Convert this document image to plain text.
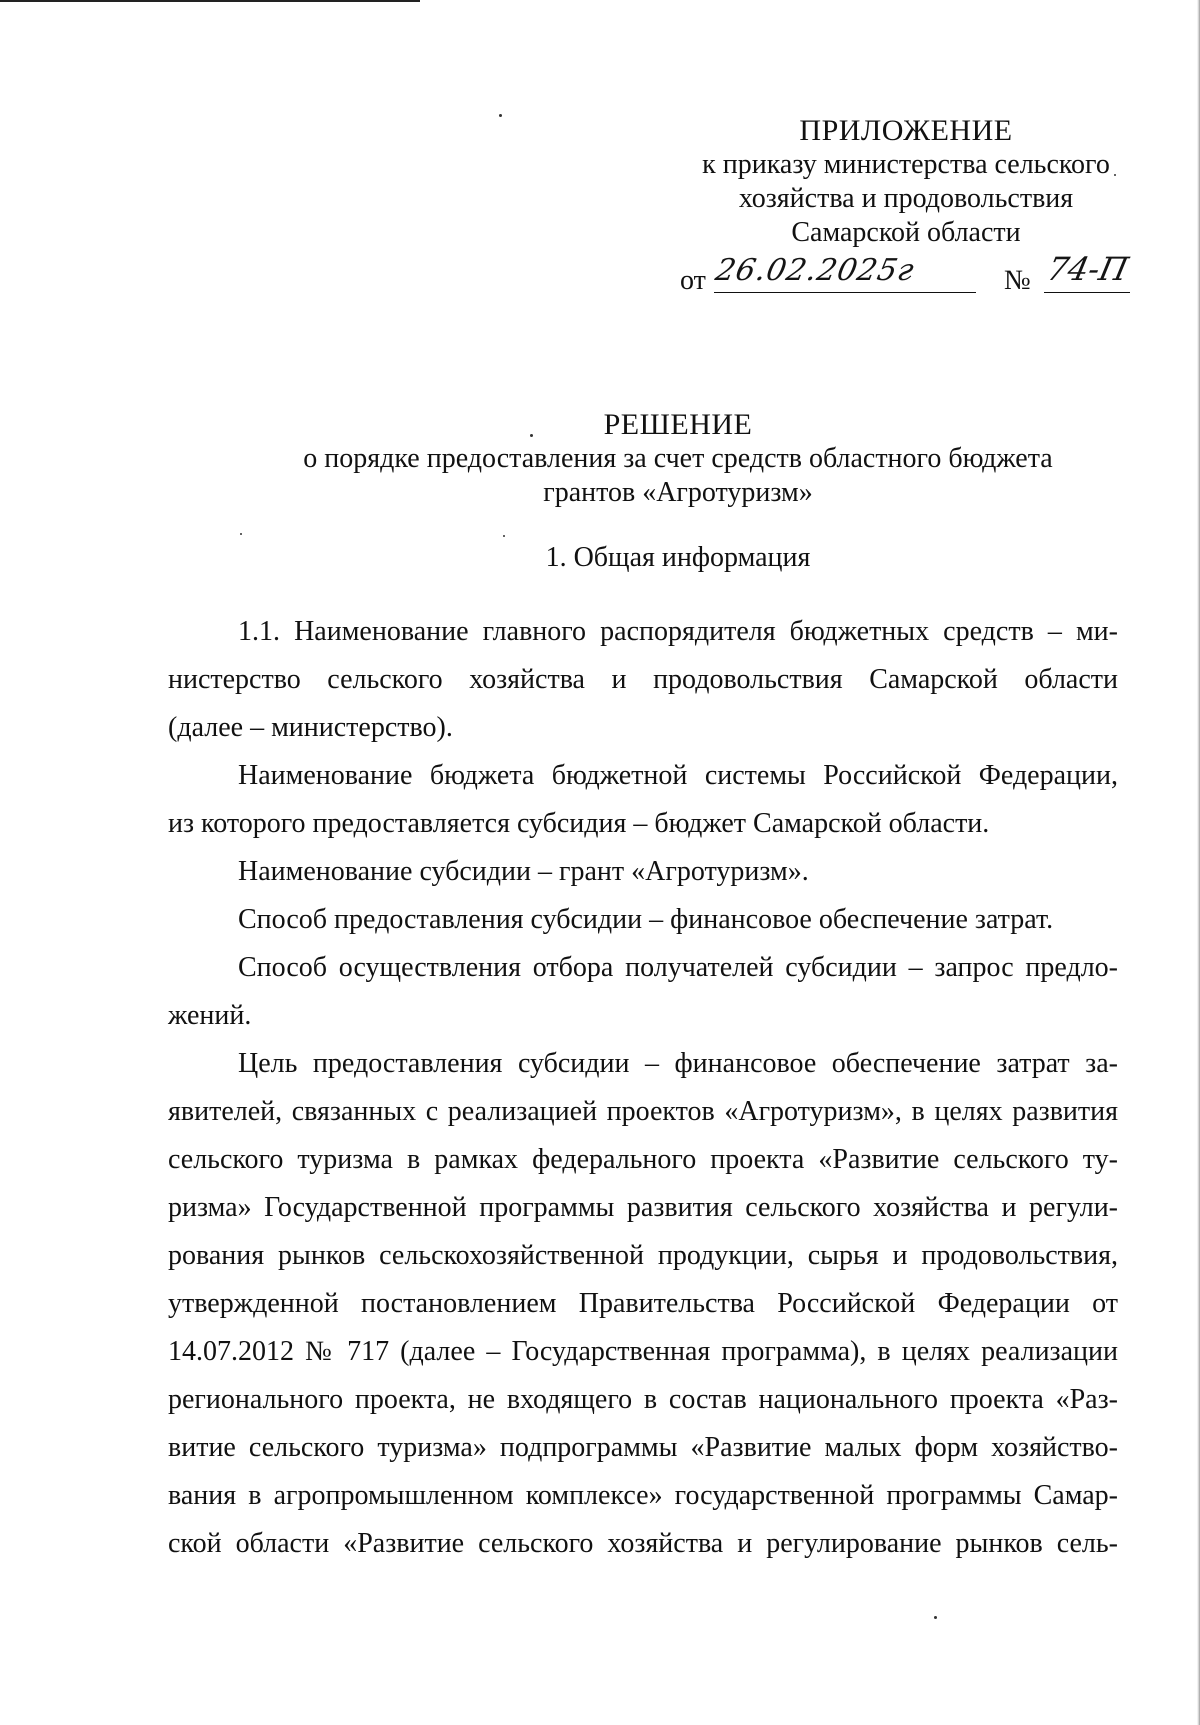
ПРИЛОЖЕНИЕ
к приказу министерства сельского
хозяйства и продовольствия
Самарской области
от 26.02.2025г	№ 74-П
РЕШЕНИЕ
о порядке предоставления за счет средств областного бюджета
грантов «Агротуризм»
1. Общая информация
1.1. Наименование главного распорядителя бюджетных средств – ми-
нистерство сельского хозяйства и продовольствия Самарской области
(далее – министерство).
Наименование бюджета бюджетной системы Российской Федерации,
из которого предоставляется субсидия – бюджет Самарской области.
Наименование субсидии – грант «Агротуризм».
Способ предоставления субсидии – финансовое обеспечение затрат.
Способ осуществления отбора получателей субсидии – запрос предло-
жений.
Цель предоставления субсидии – финансовое обеспечение затрат за-
явителей, связанных с реализацией проектов «Агротуризм», в целях развития
сельского туризма в рамках федерального проекта «Развитие сельского ту-
ризма» Государственной программы развития сельского хозяйства и регули-
рования рынков сельскохозяйственной продукции, сырья и продовольствия,
утвержденной постановлением Правительства Российской Федерации от
14.07.2012 № 717 (далее – Государственная программа), в целях реализации
регионального проекта, не входящего в состав национального проекта «Раз-
витие сельского туризма» подпрограммы «Развитие малых форм хозяйство-
вания в агропромышленном комплексе» государственной программы Самар-
ской области «Развитие сельского хозяйства и регулирование рынков сель-
